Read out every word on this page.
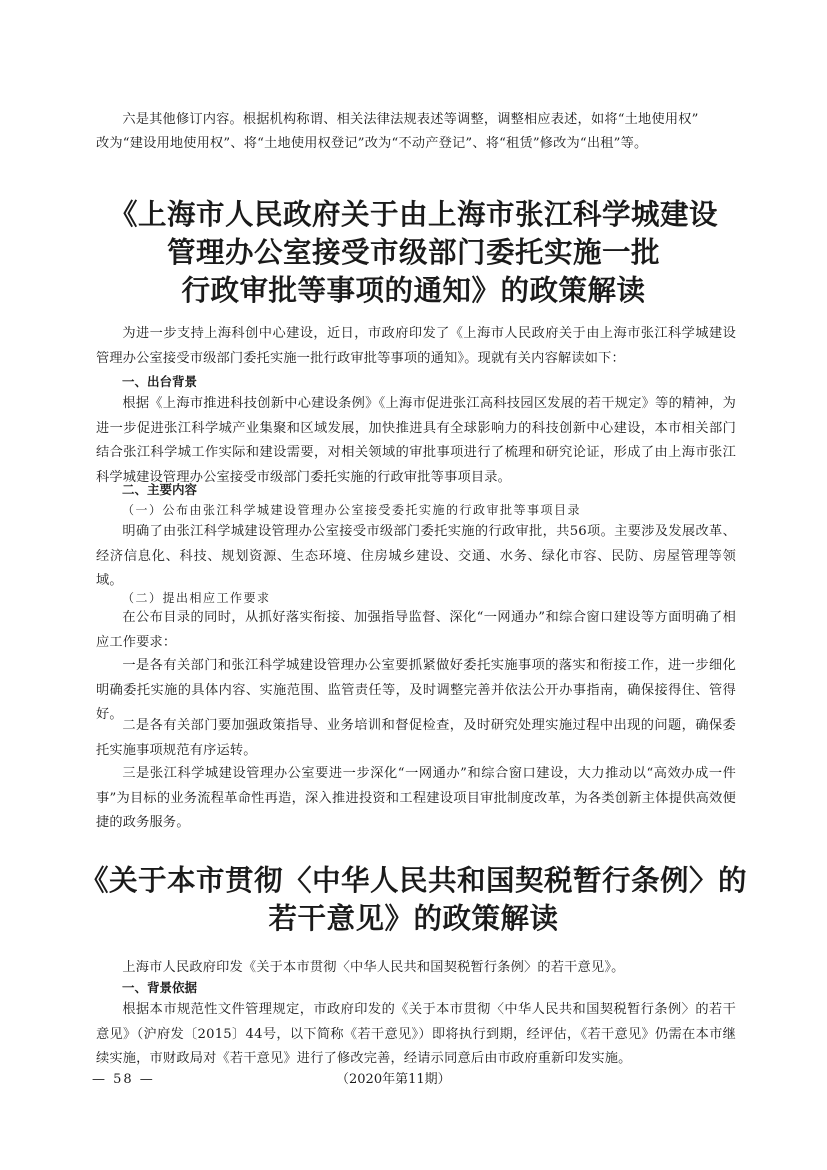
六是其他修订内容。根据机构称谓、相关法律法规表述等调整，调整相应表述，如将“土地使用权”

改为“建设用地使用权”、将“土地使用权登记”改为“不动产登记”、将“租赁”修改为“出租”等。

《上海市人民政府关于由上海市张江科学城建设
管理办公室接受市级部门委托实施一批
行政审批等事项的通知》的政策解读

为进一步支持上海科创中心建设，近日，市政府印发了《上海市人民政府关于由上海市张江科学城建设管理办公室接受市级部门委托实施一批行政审批等事项的通知》。现就有关内容解读如下：

一、出台背景

根据《上海市推进科技创新中心建设条例》《上海市促进张江高科技园区发展的若干规定》等的精神，为进一步促进张江科学城产业集聚和区域发展，加快推进具有全球影响力的科技创新中心建设，本市相关部门结合张江科学城工作实际和建设需要，对相关领域的审批事项进行了梳理和研究论证，形成了由上海市张江科学城建设管理办公室接受市级部门委托实施的行政审批等事项目录。

二、主要内容
（一）公布由张江科学城建设管理办公室接受委托实施的行政审批等事项目录

明确了由张江科学城建设管理办公室接受市级部门委托实施的行政审批，共56项。主要涉及发展改革、经济信息化、科技、规划资源、生态环境、住房城乡建设、交通、水务、绿化市容、民防、房屋管理等领域。

（二）提出相应工作要求

在公布目录的同时，从抓好落实衔接、加强指导监督、深化“一网通办”和综合窗口建设等方面明确了相应工作要求：

一是各有关部门和张江科学城建设管理办公室要抓紧做好委托实施事项的落实和衔接工作，进一步细化明确委托实施的具体内容、实施范围、监管责任等，及时调整完善并依法公开办事指南，确保接得住、管得好。

二是各有关部门要加强政策指导、业务培训和督促检查，及时研究处理实施过程中出现的问题，确保委托实施事项规范有序运转。

三是张江科学城建设管理办公室要进一步深化“一网通办”和综合窗口建设，大力推动以“高效办成一件事”为目标的业务流程革命性再造，深入推进投资和工程建设项目审批制度改革，为各类创新主体提供高效便捷的政务服务。

《关于本市贯彻〈中华人民共和国契税暂行条例〉的
若干意见》的政策解读

上海市人民政府印发《关于本市贯彻〈中华人民共和国契税暂行条例〉的若干意见》。

一、背景依据

根据本市规范性文件管理规定，市政府印发的《关于本市贯彻〈中华人民共和国契税暂行条例〉的若干意见》（沪府发〔2015〕44号，以下简称《若干意见》）即将执行到期，经评估，《若干意见》仍需在本市继续实施，市财政局对《若干意见》进行了修改完善，经请示同意后由市政府重新印发实施。

— 58 —	（2020年第11期）
